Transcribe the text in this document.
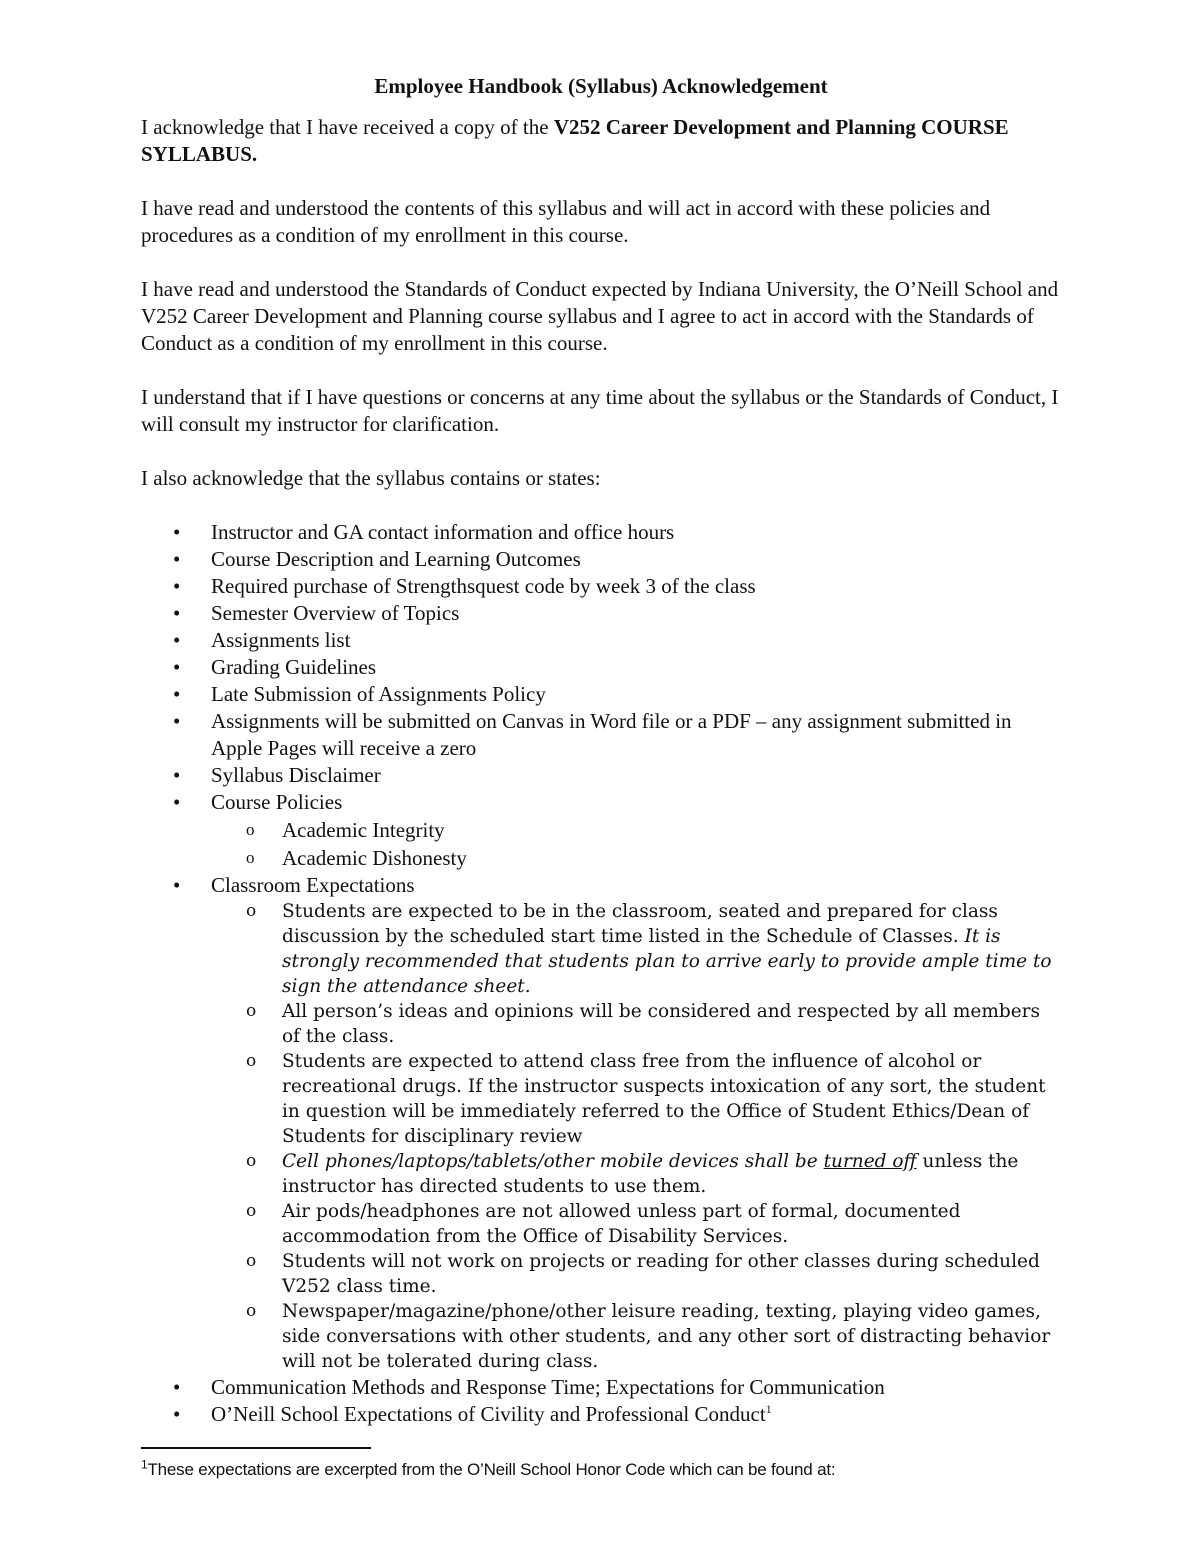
Employee Handbook (Syllabus) Acknowledgement

I acknowledge that I have received a copy of the V252 Career Development and Planning COURSE SYLLABUS.

I have read and understood the contents of this syllabus and will act in accord with these policies and procedures as a condition of my enrollment in this course.

I have read and understood the Standards of Conduct expected by Indiana University, the O’Neill School and V252 Career Development and Planning course syllabus and I agree to act in accord with the Standards of Conduct as a condition of my enrollment in this course.

I understand that if I have questions or concerns at any time about the syllabus or the Standards of Conduct, I will consult my instructor for clarification.

I also acknowledge that the syllabus contains or states:

•	Instructor and GA contact information and office hours
•	Course Description and Learning Outcomes
•	Required purchase of Strengthsquest code by week 3 of the class
•	Semester Overview of Topics
•	Assignments list
•	Grading Guidelines
•	Late Submission of Assignments Policy
•	Assignments will be submitted on Canvas in Word file or a PDF – any assignment submitted in Apple Pages will receive a zero
•	Syllabus Disclaimer
•	Course Policies
o Academic Integrity
o Academic Dishonesty
•	Classroom Expectations
o Students are expected to be in the classroom, seated and prepared for class discussion by the scheduled start time listed in the Schedule of Classes. It is strongly recommended that students plan to arrive early to provide ample time to sign the attendance sheet.
o All person’s ideas and opinions will be considered and respected by all members of the class.
o Students are expected to attend class free from the influence of alcohol or recreational drugs. If the instructor suspects intoxication of any sort, the student in question will be immediately referred to the Office of Student Ethics/Dean of Students for disciplinary review
o Cell phones/laptops/tablets/other mobile devices shall be turned off unless the instructor has directed students to use them.
o Air pods/headphones are not allowed unless part of formal, documented accommodation from the Office of Disability Services.
o Students will not work on projects or reading for other classes during scheduled V252 class time.
o Newspaper/magazine/phone/other leisure reading, texting, playing video games, side conversations with other students, and any other sort of distracting behavior will not be tolerated during class.
•	Communication Methods and Response Time; Expectations for Communication
•	O’Neill School Expectations of Civility and Professional Conduct$^1$
$^1$These expectations are excerpted from the O’Neill School Honor Code which can be found at:
